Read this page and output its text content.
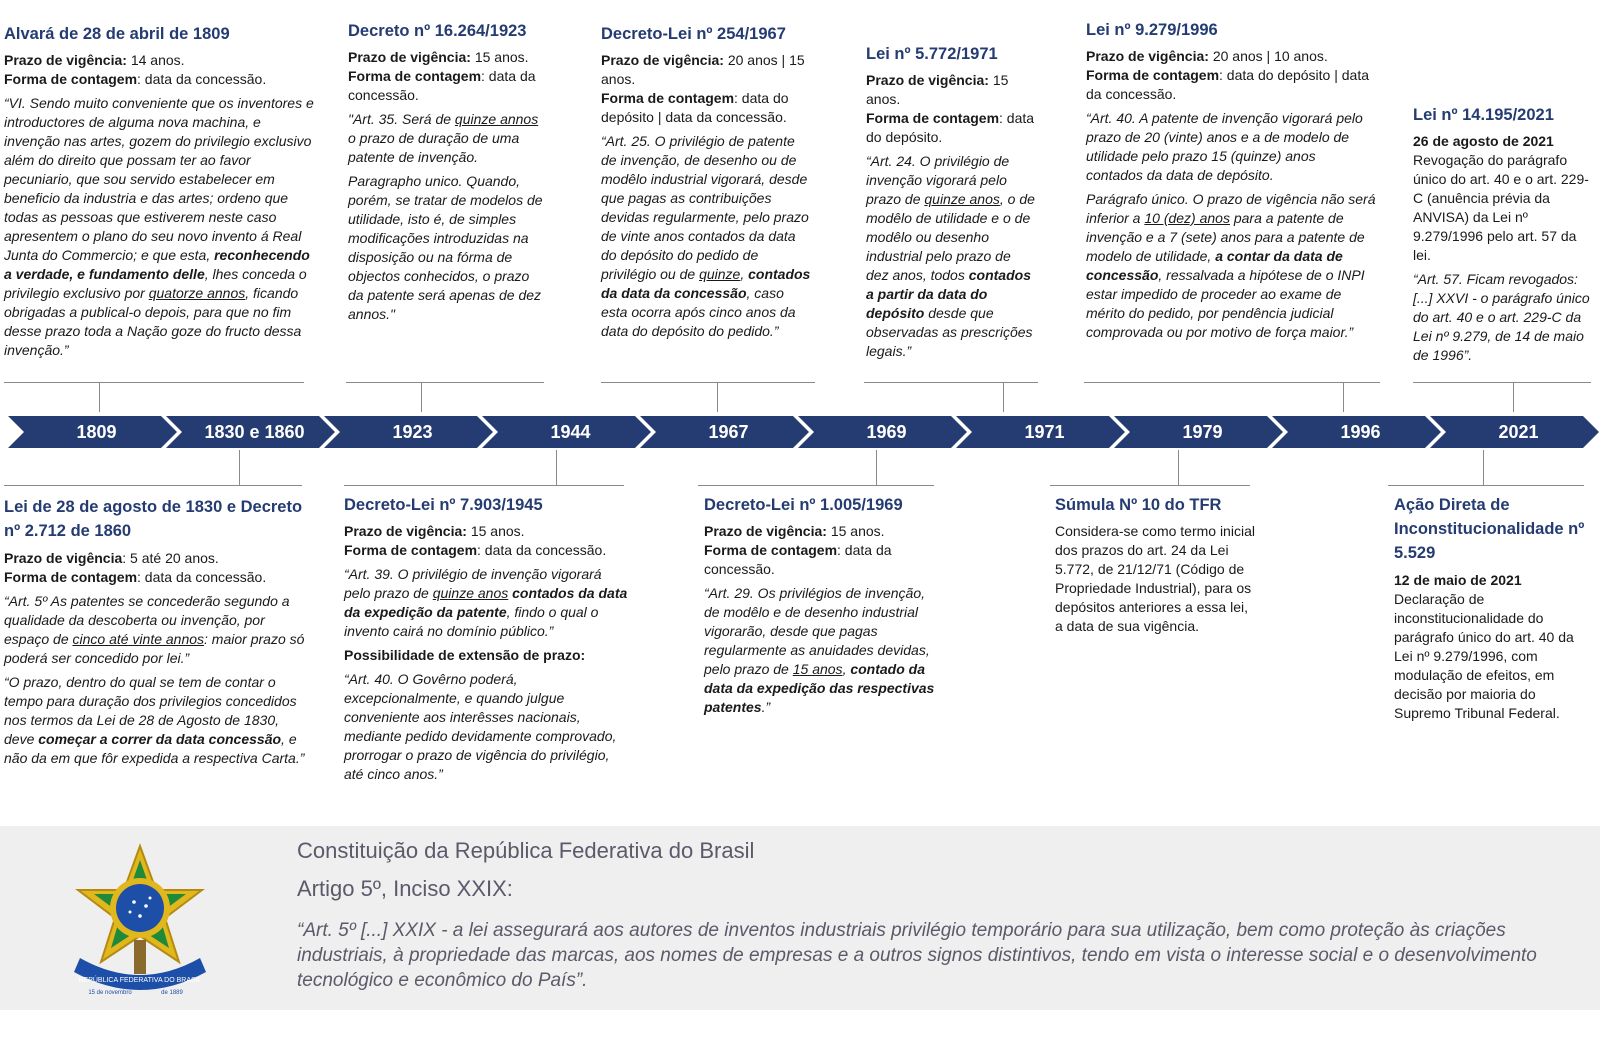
Alvará de 28 de abril de 1809

Prazo de vigência: 14 anos.
Forma de contagem: data da concessão.

“VI. Sendo muito conveniente que os inventores e introductores de alguma nova machina, e invenção nas artes, gozem do privilegio exclusivo além do direito que possam ter ao favor pecuniario, que sou servido estabelecer em beneficio da industria e das artes; ordeno que todas as pessoas que estiverem neste caso apresentem o plano do seu novo invento á Real Junta do Commercio; e que esta, reconhecendo a verdade, e fundamento delle, lhes conceda o privilegio exclusivo por quatorze annos, ficando obrigadas a publical-o depois, para que no fim desse prazo toda a Nação goze do fructo dessa invenção.”

Decreto nº 16.264/1923

Prazo de vigência: 15 anos.
Forma de contagem: data da concessão.

"Art. 35. Será de quinze annos o prazo de duração de uma patente de invenção.

Paragrapho unico. Quando, porém, se tratar de modelos de utilidade, isto é, de simples modificações introduzidas na disposição ou na fórma de objectos conhecidos, o prazo da patente será apenas de dez annos."

Decreto-Lei nº 254/1967

Prazo de vigência: 20 anos | 15 anos.
Forma de contagem: data do depósito | data da concessão.

“Art. 25. O privilégio de patente de invenção, de desenho ou de modêlo industrial vigorará, desde que pagas as contribuições devidas regularmente, pelo prazo de vinte anos contados da data do depósito do pedido de privilégio ou de quinze, contados da data da concessão, caso esta ocorra após cinco anos da data do depósito do pedido.”

Lei nº 5.772/1971

Prazo de vigência: 15 anos.
Forma de contagem: data do depósito.

“Art. 24. O privilégio de invenção vigorará pelo prazo de quinze anos, o de modêlo de utilidade e o de modêlo ou desenho industrial pelo prazo de dez anos, todos contados a partir da data do depósito desde que observadas as prescrições legais.”

Lei nº 9.279/1996

Prazo de vigência: 20 anos | 10 anos.
Forma de contagem: data do depósito | data da concessão.

“Art. 40. A patente de invenção vigorará pelo prazo de 20 (vinte) anos e a de modelo de utilidade pelo prazo 15 (quinze) anos contados da data de depósito.

Parágrafo único. O prazo de vigência não será inferior a 10 (dez) anos para a patente de invenção e a 7 (sete) anos para a patente de modelo de utilidade, a contar da data de concessão, ressalvada a hipótese de o INPI estar impedido de proceder ao exame de mérito do pedido, por pendência judicial comprovada ou por motivo de força maior.”

Lei nº 14.195/2021

26 de agosto de 2021
Revogação do parágrafo único do art. 40 e o art. 229-C (anuência prévia da ANVISA) da Lei nº 9.279/1996 pelo art. 57 da lei.

“Art. 57. Ficam revogados: [...] XXVI - o parágrafo único do art. 40 e o art. 229-C da Lei nº 9.279, de 14 de maio de 1996”.

1809	1830 e 1860	1923	1944	1967	1969	1971	1979	1996	2021
Lei de 28 de agosto de 1830 e Decreto nº 2.712 de 1860

Prazo de vigência: 5 até 20 anos.
Forma de contagem: data da concessão.

“Art. 5º As patentes se concederão segundo a qualidade da descoberta ou invenção, por espaço de cinco até vinte annos: maior prazo só poderá ser concedido por lei.”

“O prazo, dentro do qual se tem de contar o tempo para duração dos privilegios concedidos nos termos da Lei de 28 de Agosto de 1830, deve começar a correr da data concessão, e não da em que fôr expedida a respectiva Carta.”

Decreto-Lei nº 7.903/1945

Prazo de vigência: 15 anos.
Forma de contagem: data da concessão.

“Art. 39. O privilégio de invenção vigorará pelo prazo de quinze anos contados da data da expedição da patente, findo o qual o invento cairá no domínio público.”

Possibilidade de extensão de prazo:

“Art. 40. O Govêrno poderá, excepcionalmente, e quando julgue conveniente aos interêsses nacionais, mediante pedido devidamente comprovado, prorrogar o prazo de vigência do privilégio, até cinco anos.”

Decreto-Lei nº 1.005/1969

Prazo de vigência: 15 anos.
Forma de contagem: data da concessão.

“Art. 29. Os privilégios de invenção, de modêlo e de desenho industrial vigorarão, desde que pagas regularmente as anuidades devidas, pelo prazo de 15 anos, contado da data da expedição das respectivas patentes.”

Súmula Nº 10 do TFR

Considera-se como termo inicial dos prazos do art. 24 da Lei 5.772, de 21/12/71 (Código de Propriedade Industrial), para os depósitos anteriores a essa lei, a data de sua vigência.

Ação Direta de Inconstitucionalidade nº 5.529

12 de maio de 2021
Declaração de inconstitucionalidade do parágrafo único do art. 40 da Lei nº 9.279/1996, com modulação de efeitos, em decisão por maioria do Supremo Tribunal Federal.

REPÚBLICA FEDERATIVA DO BRASIL
15 de novembro	de 1889
Constituição da República Federativa do Brasil
Artigo 5º, Inciso XXIX:
“Art. 5º [...] XXIX - a lei assegurará aos autores de inventos industriais privilégio temporário para sua utilização, bem como proteção às criações industriais, à propriedade das marcas, aos nomes de empresas e a outros signos distintivos, tendo em vista o interesse social e o desenvolvimento tecnológico e econômico do País”.
